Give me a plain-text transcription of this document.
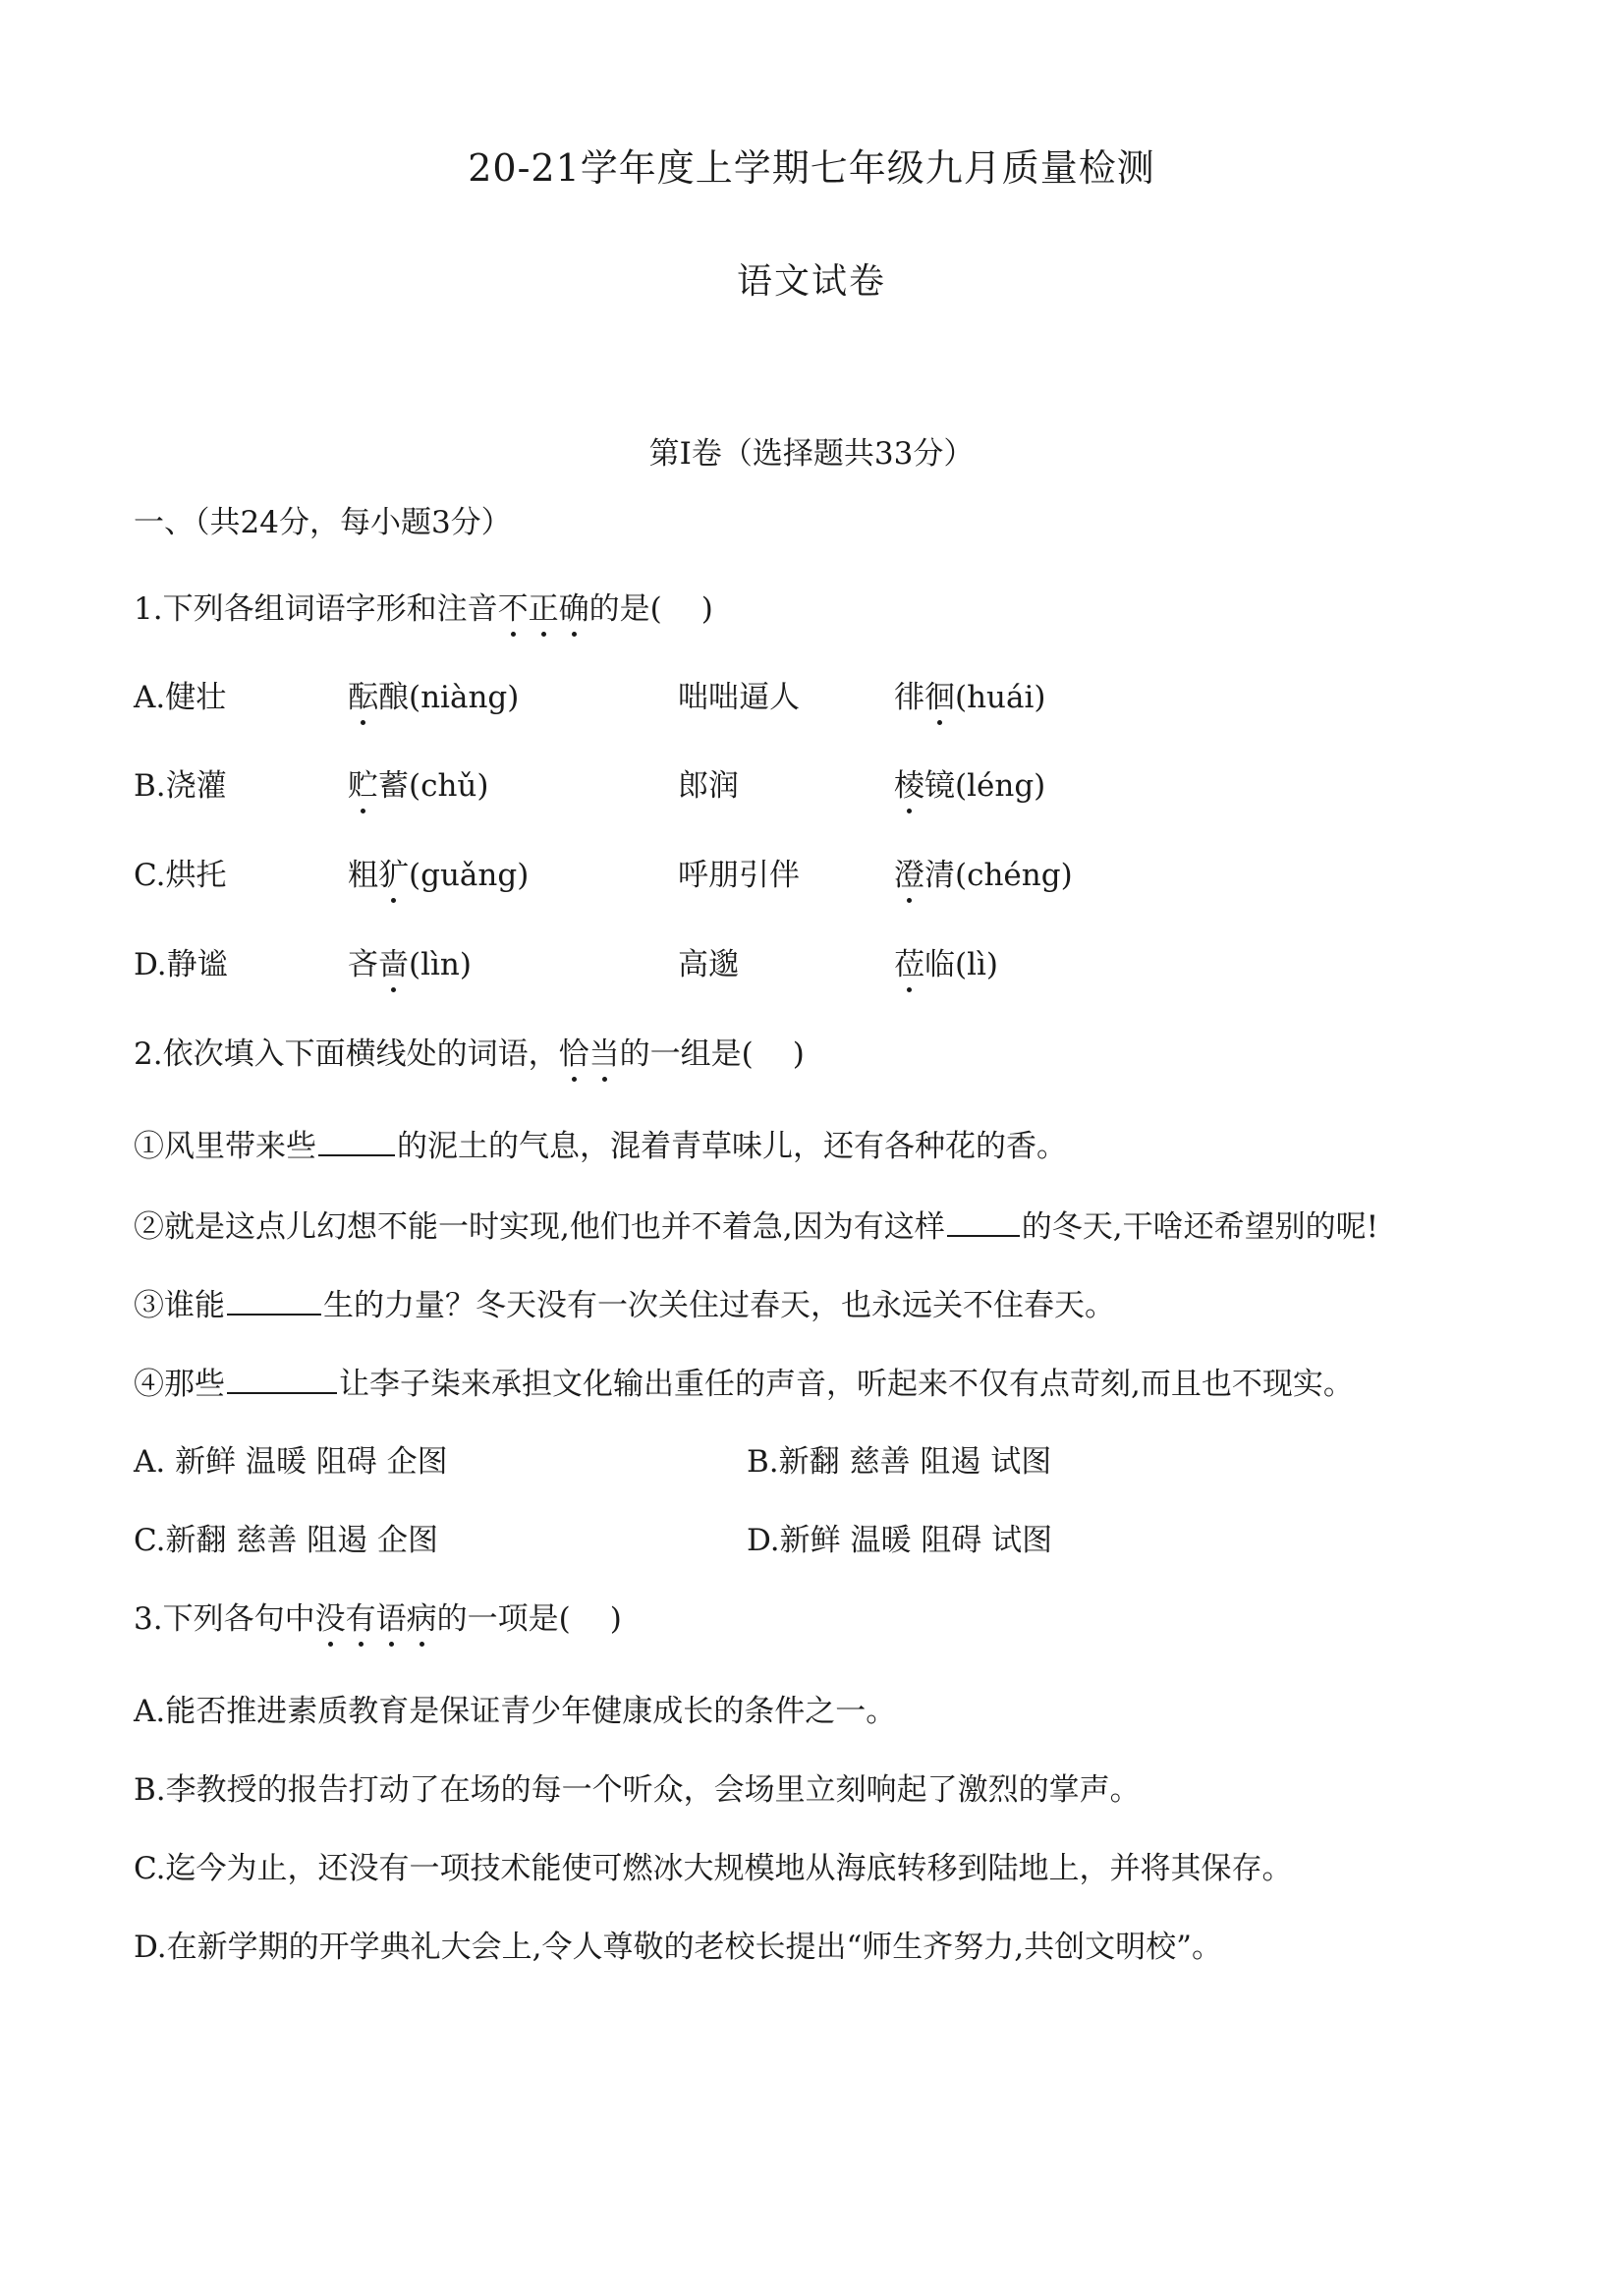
20-21学年度上学期七年级九月质量检测
语文试卷
第Ⅰ卷（选择题共33分）
一、（共24分，每小题3分）
1.下列各组词语字形和注音不正确的是( )
A.健壮	酝酿(niàng)	咄咄逼人	徘徊(huái)
B.浇灌	贮蓄(chǔ)	郎润	棱镜(léng)
C.烘托	粗犷(guǎng)	呼朋引伴	澄清(chéng)
D.静谧	吝啬(lìn)	高邈	莅临(lì)
2.依次填入下面横线处的词语，恰当的一组是( )
①风里带来些	的泥土的气息，混着青草味儿，还有各种花的香。
②就是这点儿幻想不能一时实现,他们也并不着急,因为有这样	的冬天,干啥还希望别的呢!
③谁能	生的力量？冬天没有一次关住过春天，也永远关不住春天。
④那些	让李子柒来承担文化输出重任的声音，听起来不仅有点苛刻,而且也不现实。
A. 新鲜 温暖 阻碍 企图	B.新翻 慈善 阻遏 试图
C.新翻 慈善 阻遏 企图	D.新鲜 温暖 阻碍 试图
3.下列各句中没有语病的一项是( )
A.能否推进素质教育是保证青少年健康成长的条件之一。
B.李教授的报告打动了在场的每一个听众，会场里立刻响起了激烈的掌声。
C.迄今为止，还没有一项技术能使可燃冰大规模地从海底转移到陆地上，并将其保存。
D.在新学期的开学典礼大会上,令人尊敬的老校长提出“师生齐努力,共创文明校”。
